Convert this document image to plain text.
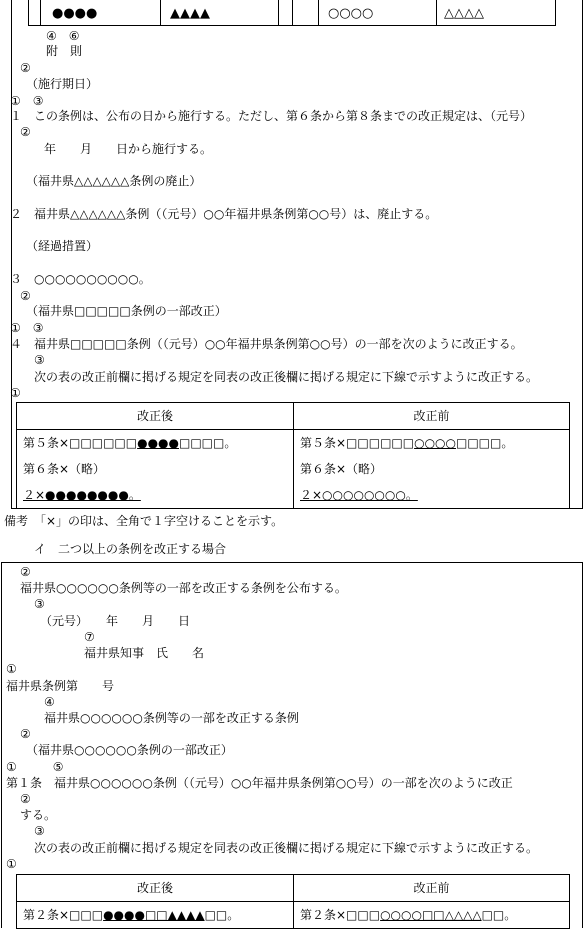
●●●●	▲▲▲▲	○○○○	△△△△
④　⑥
附　則
②
（施行期日）
①　③
１　この条例は、公布の日から施行する。ただし、第６条から第８条までの改正規定は、（元号）
②
年　　月　　日から施行する。
（福井県△△△△△△条例の廃止）
２　福井県△△△△△△条例（（元号）○○年福井県条例第○○号）は、廃止する。
（経過措置）
３　○○○○○○○○○○。
②
（福井県□□□□□条例の一部改正）
①　③
４　福井県□□□□□条例（（元号）○○年福井県条例第○○号）の一部を次のように改正する。
③
次の表の改正前欄に掲げる規定を同表の改正後欄に掲げる規定に下線で示すように改正する。
①
改正後	改正前
第５条×□□□□□□●●●●□□□□。	第５条×□□□□□□○○○○□□□□。
第６条×（略）	第６条×（略）
２×●●●●●●●●。	２×○○○○○○○○。
備考　「×」の印は、全角で１字空けることを示す。
イ　二つ以上の条例を改正する場合
②
福井県○○○○○○条例等の一部を改正する条例を公布する。
③
（元号）　　年　　月　　日
⑦
福井県知事　氏　　名
①
福井県条例第　　号
④
福井県○○○○○○条例等の一部を改正する条例
②
（福井県○○○○○○条例の一部改正）
①　　　⑤
第１条　福井県○○○○○○条例（（元号）○○年福井県条例第○○号）の一部を次のように改正
②
する。
③
次の表の改正前欄に掲げる規定を同表の改正後欄に掲げる規定に下線で示すように改正する。
①
改正後	改正前
第２条×□□□●●●●□□▲▲▲▲□□。	第２条×□□□○○○○□□△△△△□□。
